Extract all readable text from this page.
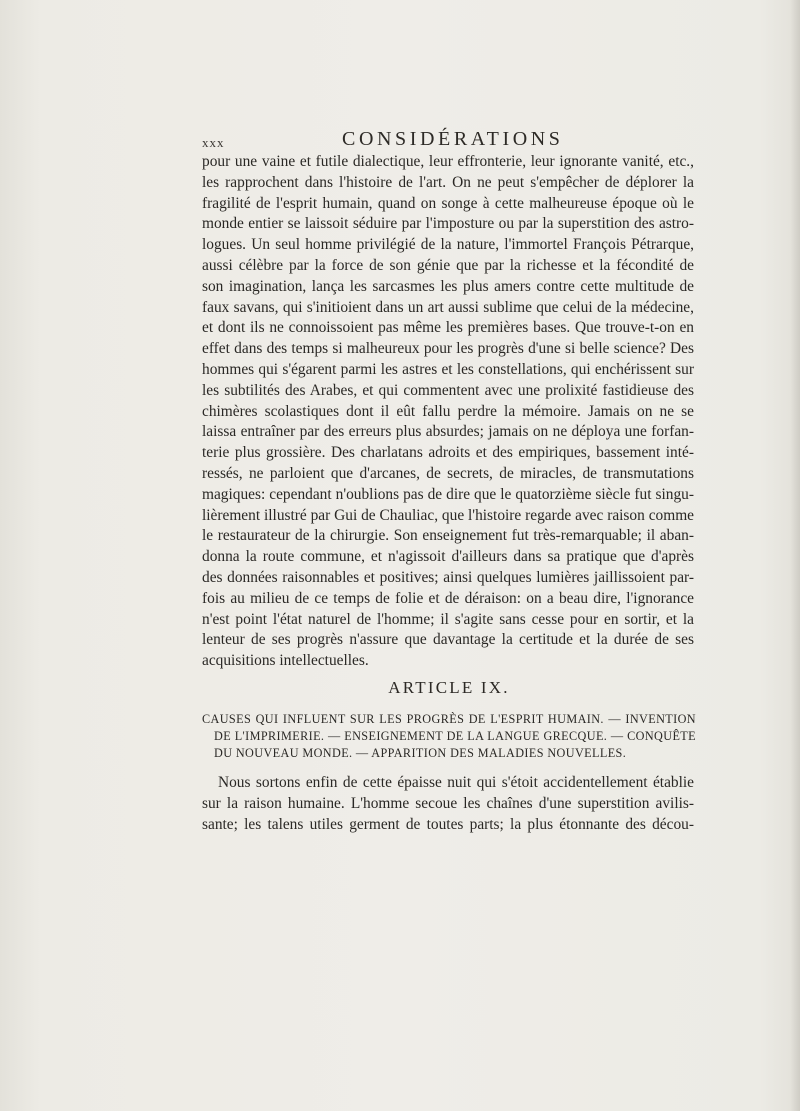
xxx	CONSIDÉRATIONS
pour une vaine et futile dialectique, leur effronterie, leur ignorante vanité, etc.,
les rapprochent dans l'histoire de l'art. On ne peut s'empêcher de déplorer la
fragilité de l'esprit humain, quand on songe à cette malheureuse époque où le
monde entier se laissoit séduire par l'imposture ou par la superstition des astro-
logues. Un seul homme privilégié de la nature, l'immortel François Pétrarque,
aussi célèbre par la force de son génie que par la richesse et la fécondité de
son imagination, lança les sarcasmes les plus amers contre cette multitude de
faux savans, qui s'initioient dans un art aussi sublime que celui de la médecine,
et dont ils ne connoissoient pas même les premières bases. Que trouve-t-on en
effet dans des temps si malheureux pour les progrès d'une si belle science? Des
hommes qui s'égarent parmi les astres et les constellations, qui enchérissent sur
les subtilités des Arabes, et qui commentent avec une prolixité fastidieuse des
chimères scolastiques dont il eût fallu perdre la mémoire. Jamais on ne se
laissa entraîner par des erreurs plus absurdes; jamais on ne déploya une forfan-
terie plus grossière. Des charlatans adroits et des empiriques, bassement inté-
ressés, ne parloient que d'arcanes, de secrets, de miracles, de transmutations
magiques: cependant n'oublions pas de dire que le quatorzième siècle fut singu-
lièrement illustré par Gui de Chauliac, que l'histoire regarde avec raison comme
le restaurateur de la chirurgie. Son enseignement fut très-remarquable; il aban-
donna la route commune, et n'agissoit d'ailleurs dans sa pratique que d'après
des données raisonnables et positives; ainsi quelques lumières jaillissoient par-
fois au milieu de ce temps de folie et de déraison: on a beau dire, l'ignorance
n'est point l'état naturel de l'homme; il s'agite sans cesse pour en sortir, et la
lenteur de ses progrès n'assure que davantage la certitude et la durée de ses
acquisitions intellectuelles.
ARTICLE IX.
CAUSES QUI INFLUENT SUR LES PROGRÈS DE L'ESPRIT HUMAIN. — INVENTION
DE L'IMPRIMERIE. — ENSEIGNEMENT DE LA LANGUE GRECQUE. — CONQUÊTE
DU NOUVEAU MONDE. — APPARITION DES MALADIES NOUVELLES.
Nous sortons enfin de cette épaisse nuit qui s'étoit accidentellement établie
sur la raison humaine. L'homme secoue les chaînes d'une superstition avilis-
sante; les talens utiles germent de toutes parts; la plus étonnante des décou-
